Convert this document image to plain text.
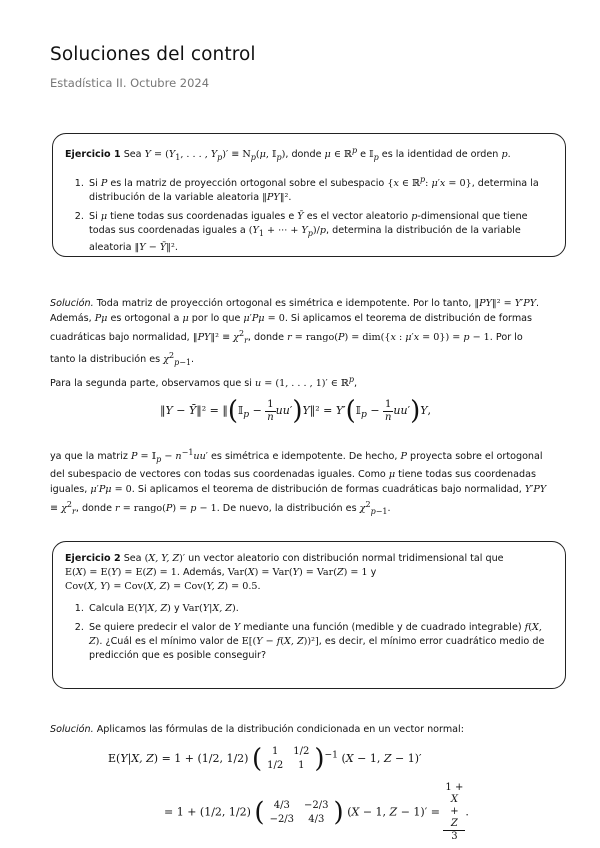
Soluciones del control
Estadística II. Octubre 2024
Ejercicio 1 Sea $Y = (Y_1$, . . . , $Y_p)' \equiv N_p(\mu$, 𝕀$_p$), donde μ ∈ ℝ$^p$ e 𝕀$_p$ es la identidad de orden p.
1. Si P es la matriz de proyección ortogonal sobre el subespacio {x ∈ ℝ$^p$: μ′x = 0}, determina la distribución de la variable aleatoria ‖PY‖².
2. Si μ tiene todas sus coordenadas iguales e Ȳ es el vector aleatorio p-dimensional que tiene todas sus coordenadas iguales a ($Y_1$ + ··· + $Y_p)/p$, determina la distribución de la variable aleatoria ‖Y − Ȳ‖².
Solución. Toda matriz de proyección ortogonal es simétrica e idempotente. Por lo tanto, ‖PY‖² = Y′PY. Además, Pμ es ortogonal a μ por lo que μ′Pμ = 0. Si aplicamos el teorema de distribución de formas cuadráticas bajo normalidad, ‖PY‖² ≡ $\chi^2_r$, donde r = rango(P) = dim({x : μ′x = 0}) = p − 1. Por lo tanto la distribución es $\chi^2_{p-1}$.
Para la segunda parte, observamos que si u = (1, . . . , 1)′ ∈ ℝ$^p$,
‖Y − Ȳ‖² = ‖(𝕀$_p$ − $\frac{1}{n}$ uu′)Y‖² = Y′(𝕀$_p$ − $\frac{1}{n} uu')Y$,
ya que la matriz P = 𝕀$_p$ − $n^{-1}uu'$ es simétrica e idempotente. De hecho, P proyecta sobre el ortogonal del subespacio de vectores con todas sus coordenadas iguales. Como μ tiene todas sus coordenadas iguales, μ′Pμ = 0. Si aplicamos el teorema de distribución de formas cuadráticas bajo normalidad, $Y'PY \equiv \chi^2_r$, donde r = rango(P) = p − 1. De nuevo, la distribución es $\chi^2_{p-1}$.
Ejercicio 2 Sea (X, Y, Z)′ un vector aleatorio con distribución normal tridimensional tal que
E(X) = E(Y) = E(Z) = 1. Además, Var(X) = Var(Y) = Var(Z) = 1 y
Cov(X, Y) = Cov(X, Z) = Cov(Y, Z) = 0.5.
1. Calcula E(Y|X, Z) y Var(Y|X, Z).
2. Se quiere predecir el valor de Y mediante una función (medible y de cuadrado integrable) f(X, Z). ¿Cuál es el mínimo valor de E[(Y − f(X, Z))²], es decir, el mínimo error cuadrático medio de predicción que es posible conseguir?
Solución. Aplicamos las fórmulas de la distribución condicionada en un vector normal:
E(Y|X, Z) = 1 + (1/2, 1/2) ( 1	1/2
1/2	1 )$^{-1}$ (X − 1, Z − 1)′
= 1 + (1/2, 1/2) ( 4/3	−2/3
−2/3	4/3 ) (X − 1, Z − 1)′ = 1 +
X
+
Z
3 .
